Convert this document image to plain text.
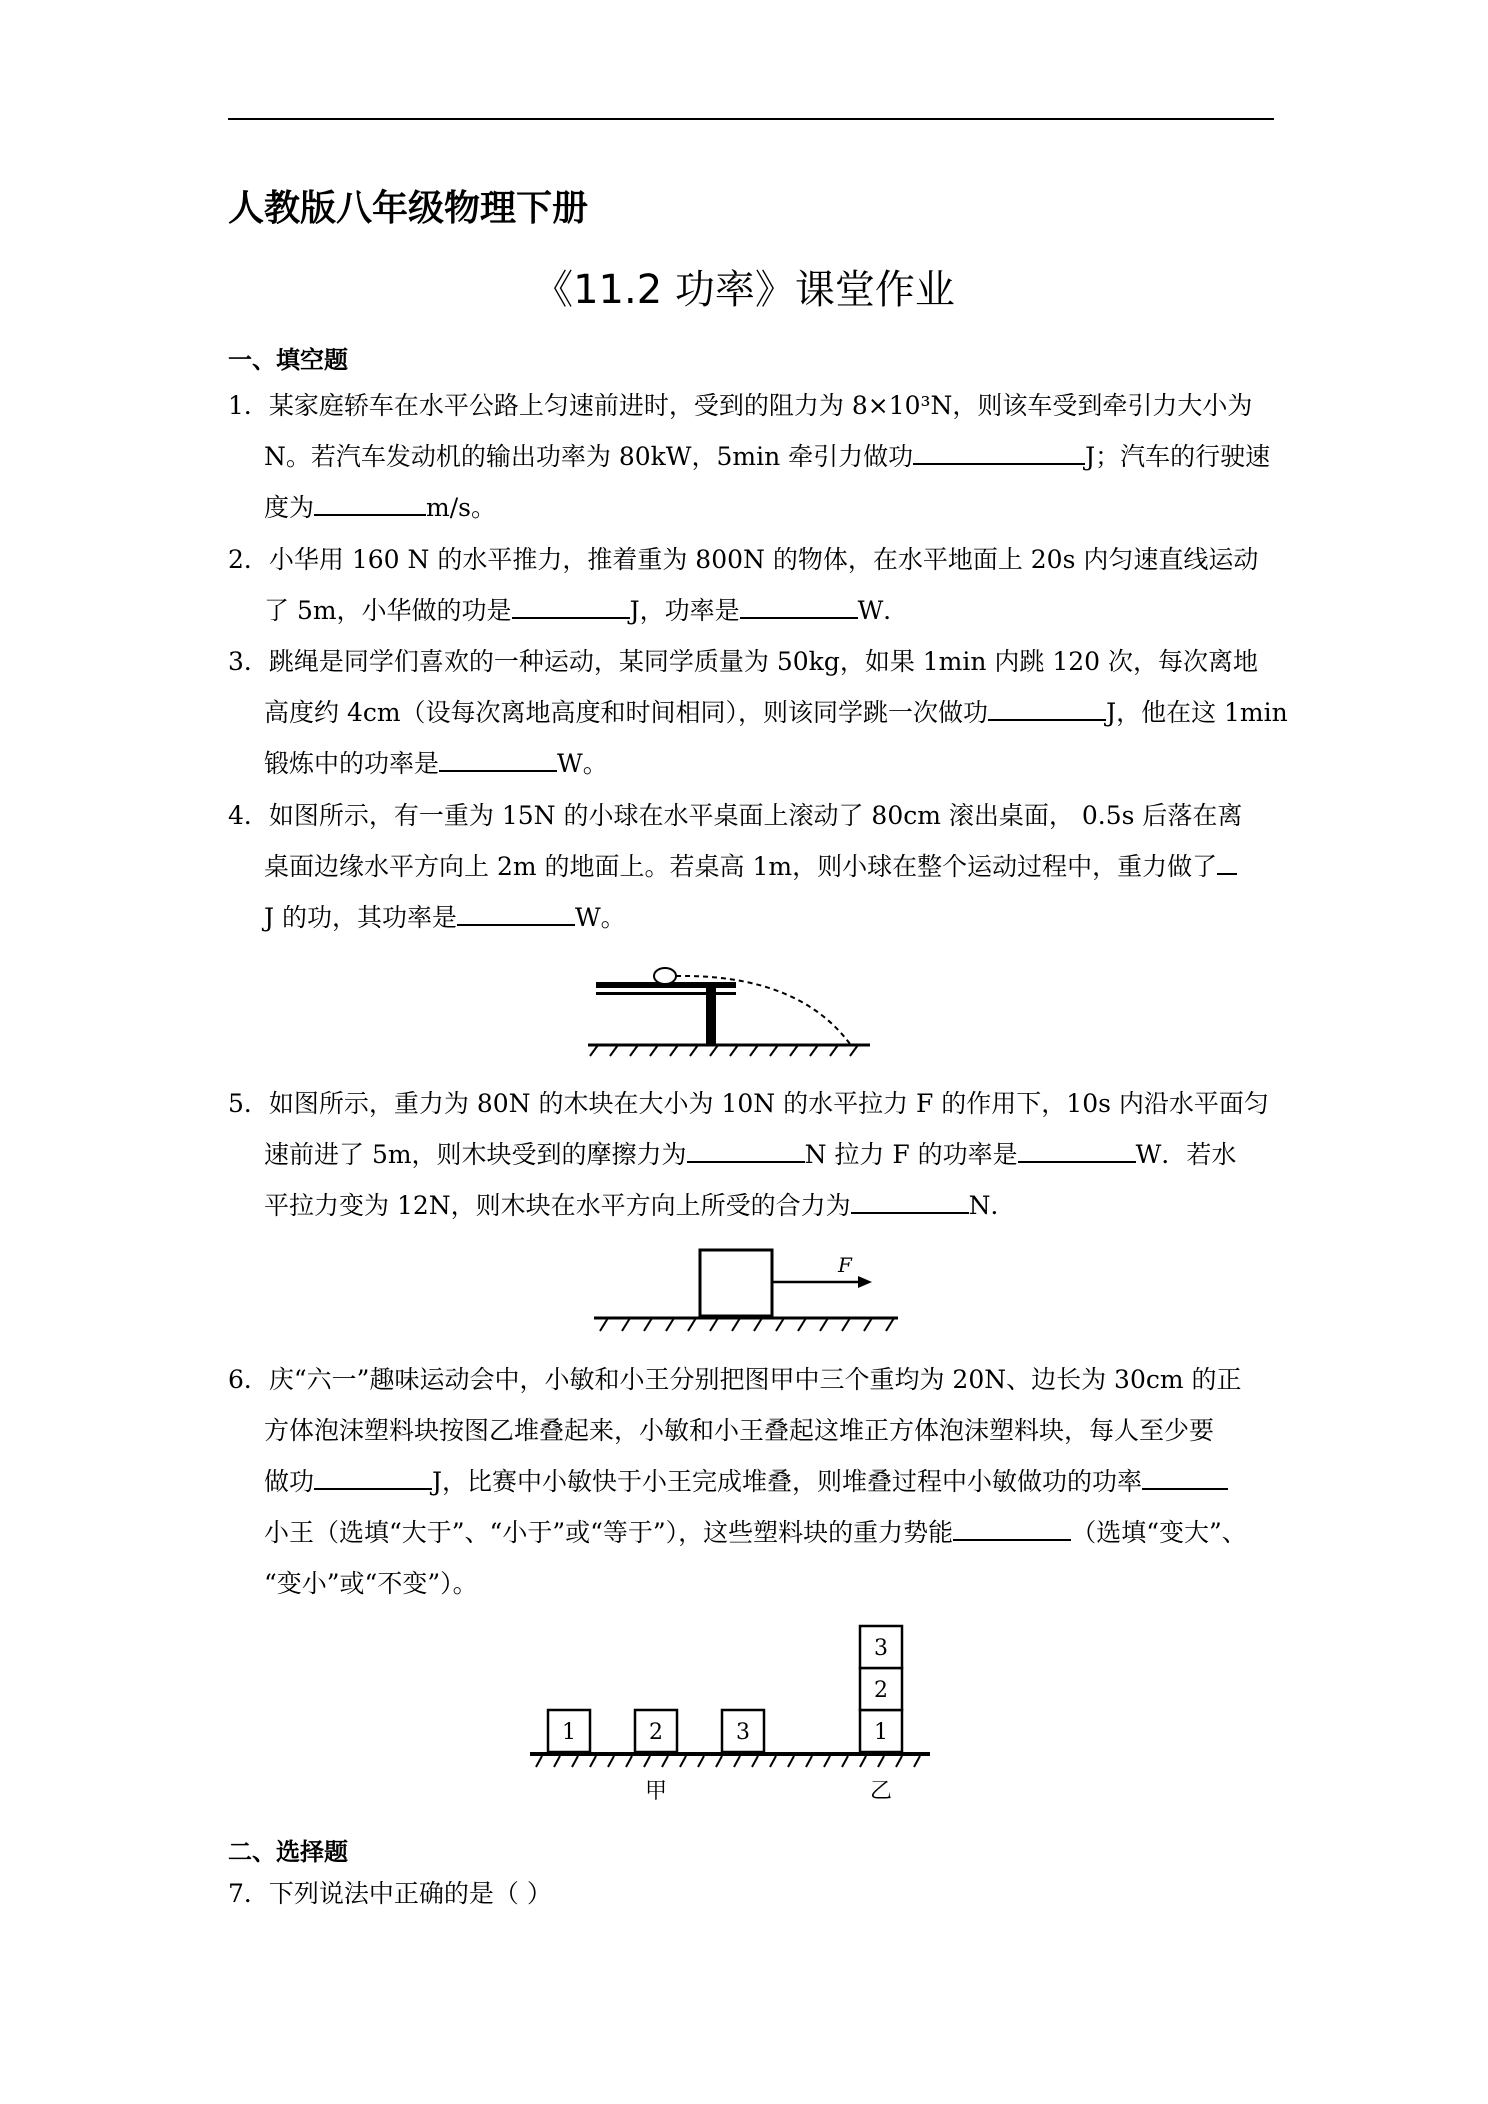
人教版八年级物理下册
《11.2 功率》课堂作业
一、填空题
1．某家庭轿车在水平公路上匀速前进时，受到的阻力为 8×10³N，则该车受到牵引力大小为
N。若汽车发动机的输出功率为 80kW，5min 牵引力做功	J；汽车的行驶速
度为	m/s。
2．小华用 160 N 的水平推力，推着重为 800N 的物体，在水平地面上 20s 内匀速直线运动
了 5m，小华做的功是	J，功率是	W．
3．跳绳是同学们喜欢的一种运动，某同学质量为 50kg，如果 1min 内跳 120 次，每次离地
高度约 4cm（设每次离地高度和时间相同），则该同学跳一次做功	J，他在这 1min
锻炼中的功率是	W。
4．如图所示，有一重为 15N 的小球在水平桌面上滚动了 80cm 滚出桌面， 0.5s 后落在离
桌面边缘水平方向上 2m 的地面上。若桌高 1m，则小球在整个运动过程中，重力做了
J 的功，其功率是	W。
5．如图所示，重力为 80N 的木块在大小为 10N 的水平拉力 F 的作用下，10s 内沿水平面匀
速前进了 5m，则木块受到的摩擦力为	N 拉力 F 的功率是	W．若水
平拉力变为 12N，则木块在水平方向上所受的合力为	N．
F
6．庆“六一”趣味运动会中，小敏和小王分别把图甲中三个重均为 20N、边长为 30cm 的正
方体泡沫塑料块按图乙堆叠起来，小敏和小王叠起这堆正方体泡沫塑料块，每人至少要
做功	J，比赛中小敏快于小王完成堆叠，则堆叠过程中小敏做功的功率
小王（选填“大于”、“小于”或“等于”），这些塑料块的重力势能	（选填“变大”、
“变小”或“不变”）。
1	2	3	1
2
3
甲	乙
二、选择题
7．下列说法中正确的是（ ）
